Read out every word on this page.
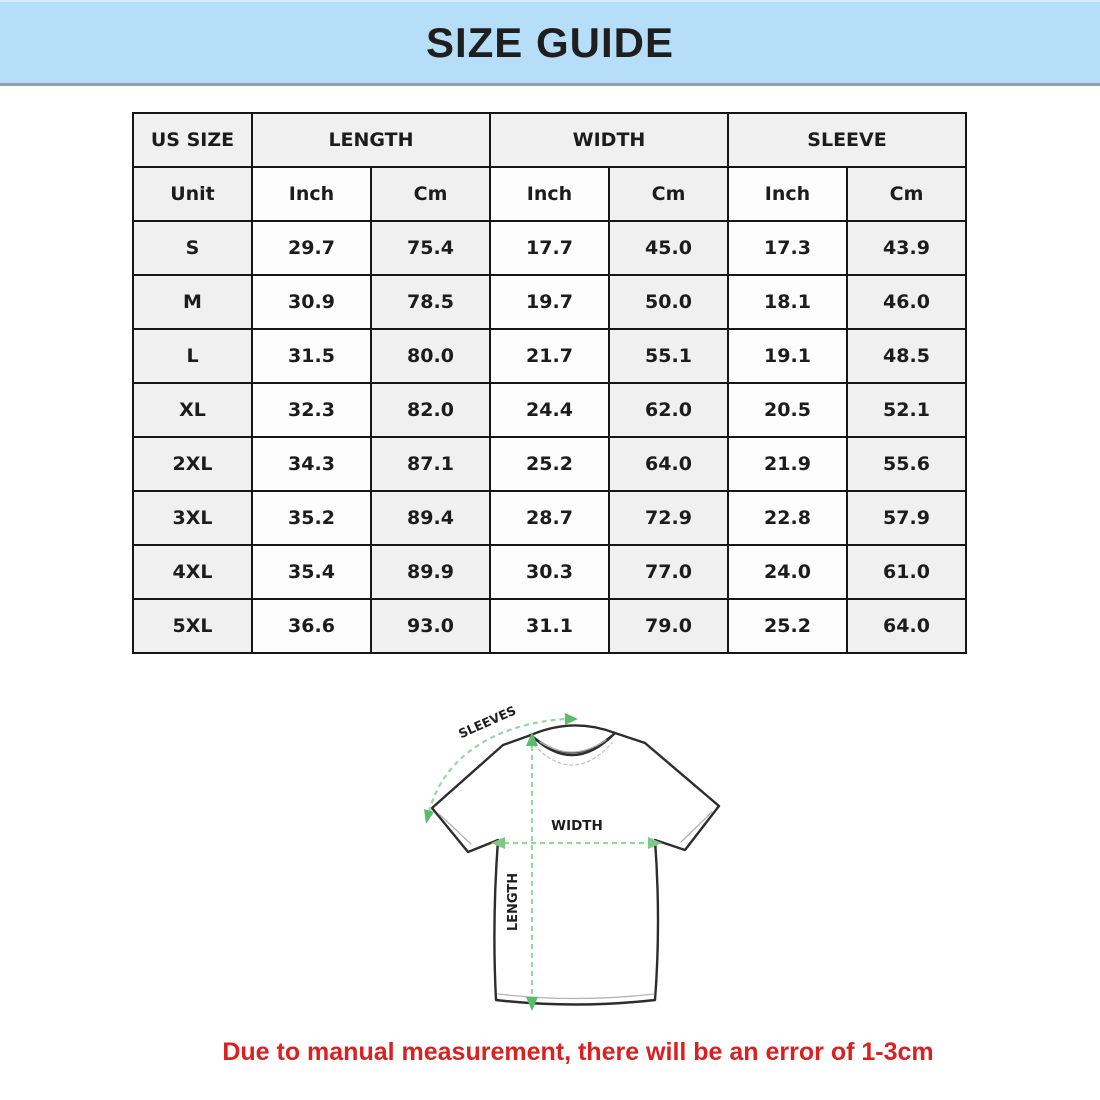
SIZE GUIDE
US SIZE	LENGTH		WIDTH		SLEEVE	
Unit	Inch	Cm	Inch	Cm	Inch	Cm
S	29.7	75.4	17.7	45.0	17.3	43.9
M	30.9	78.5	19.7	50.0	18.1	46.0
L	31.5	80.0	21.7	55.1	19.1	48.5
XL	32.3	82.0	24.4	62.0	20.5	52.1
2XL	34.3	87.1	25.2	64.0	21.9	55.6
3XL	35.2	89.4	28.7	72.9	22.8	57.9
4XL	35.4	89.9	30.3	77.0	24.0	61.0
5XL	36.6	93.0	31.1	79.0	25.2	64.0
LENGTH
WIDTH
SLEEVES

Due to manual measurement, there will be an error of 1-3cm
